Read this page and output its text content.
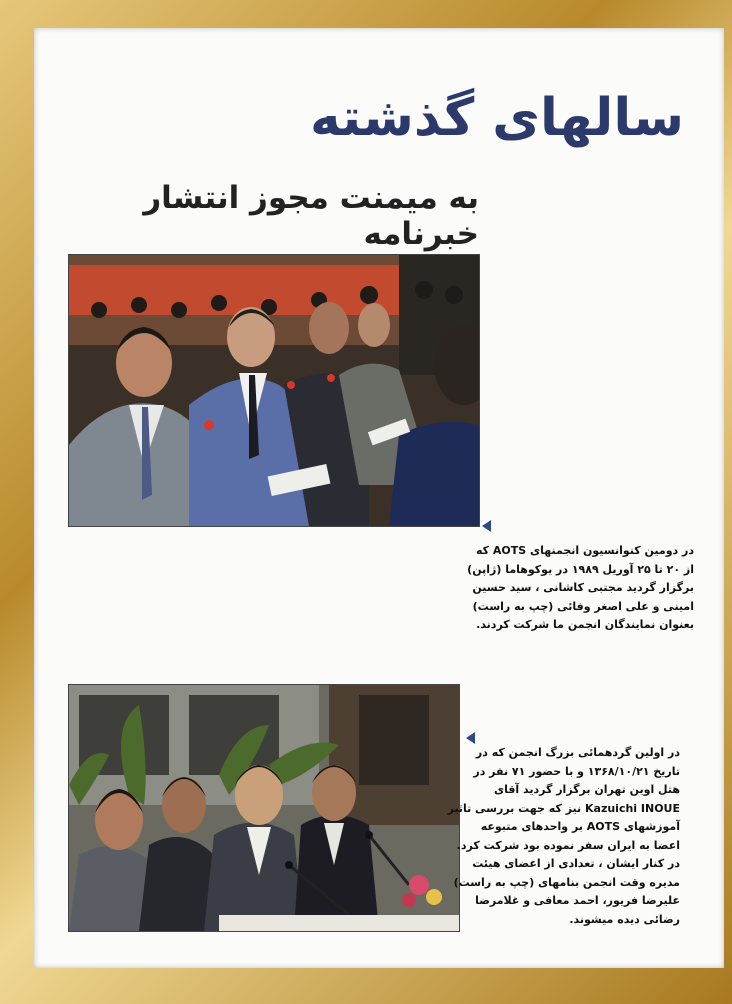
سالهای گذشته
به میمنت مجوز انتشار خبرنامه

در دومین کنوانسیون انجمنهای AOTS که

از ۲۰ تا ۲۵ آوریل ۱۹۸۹ در یوکوهاما (ژاپن)

برگزار گردید مجتبی کاشانی ، سید حسین

امینی و علی اصغر وفائی (چپ به راست)

بعنوان نمایندگان انجمن ما شرکت کردند.

در اولین گردهمائی بزرگ انجمن که در

تاریخ ۱۳۶۸/۱۰/۲۱ و با حضور ۷۱ نفر در

هتل اوین تهران برگزار گردید آقای

Kazuichi INOUE نیز که جهت بررسی تاثیر

آموزشهای AOTS بر واحدهای متبوعه

اعضا به ایران سفر نموده بود شرکت کرد.

در کنار ایشان ، تعدادی از اعضای هیئت

مدیره وقت انجمن بنامهای (چپ به راست)

علیرضا فریور، احمد معافی و غلامرضا

رضائی دیده میشوند.
